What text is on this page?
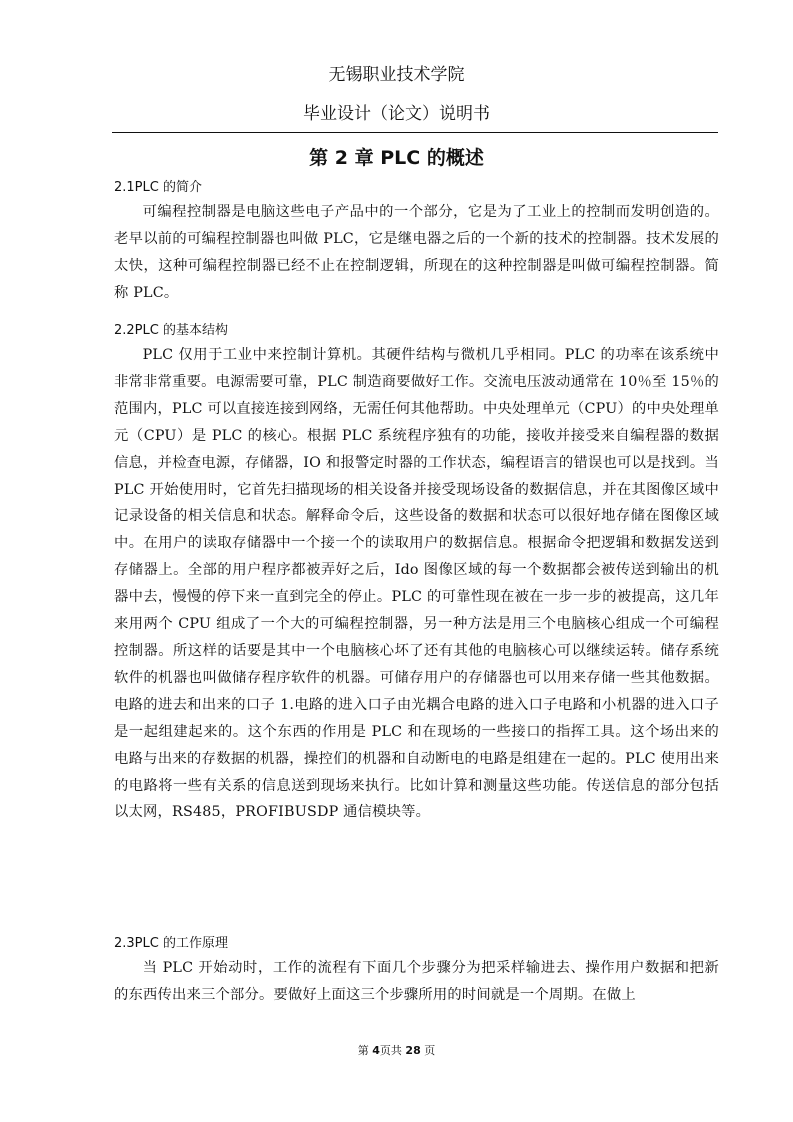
无锡职业技术学院
毕业设计（论文）说明书
第 2 章 PLC 的概述
2.1PLC 的简介

可编程控制器是电脑这些电子产品中的一个部分，它是为了工业上的控制而发明创造的。老早以前的可编程控制器也叫做 PLC，它是继电器之后的一个新的技术的控制器。技术发展的太快，这种可编程控制器已经不止在控制逻辑，所现在的这种控制器是叫做可编程控制器。简称 PLC。

2.2PLC 的基本结构

PLC 仅用于工业中来控制计算机。其硬件结构与微机几乎相同。PLC 的功率在该系统中非常非常重要。电源需要可靠，PLC 制造商要做好工作。交流电压波动通常在 10％至 15％的范围内，PLC 可以直接连接到网络，无需任何其他帮助。中央处理单元（CPU）的中央处理单元（CPU）是 PLC 的核心。根据 PLC 系统程序独有的功能，接收并接受来自编程器的数据信息，并检查电源，存储器，IO 和报警定时器的工作状态，编程语言的错误也可以是找到。当 PLC 开始使用时，它首先扫描现场的相关设备并接受现场设备的数据信息，并在其图像区域中记录设备的相关信息和状态。解释命令后，这些设备的数据和状态可以很好地存储在图像区域中。在用户的读取存储器中一个接一个的读取用户的数据信息。根据命令把逻辑和数据发送到存储器上。全部的用户程序都被弄好之后，Ido 图像区域的每一个数据都会被传送到输出的机器中去，慢慢的停下来一直到完全的停止。PLC 的可靠性现在被在一步一步的被提高，这几年来用两个 CPU 组成了一个大的可编程控制器，另一种方法是用三个电脑核心组成一个可编程控制器。所这样的话要是其中一个电脑核心坏了还有其他的电脑核心可以继续运转。储存系统软件的机器也叫做储存程序软件的机器。可储存用户的存储器也可以用来存储一些其他数据。电路的进去和出来的口子 1.电路的进入口子由光耦合电路的进入口子电路和小机器的进入口子是一起组建起来的。这个东西的作用是 PLC 和在现场的一些接口的指挥工具。这个场出来的电路与出来的存数据的机器，操控们的机器和自动断电的电路是组建在一起的。PLC 使用出来的电路将一些有关系的信息送到现场来执行。比如计算和测量这些功能。传送信息的部分包括以太网，RS485，PROFIBUSDP 通信模块等。

2.3PLC 的工作原理

当 PLC 开始动时，工作的流程有下面几个步骤分为把采样输进去、操作用户数据和把新的东西传出来三个部分。要做好上面这三个步骤所用的时间就是一个周期。在做上

第 4页共 28 页
